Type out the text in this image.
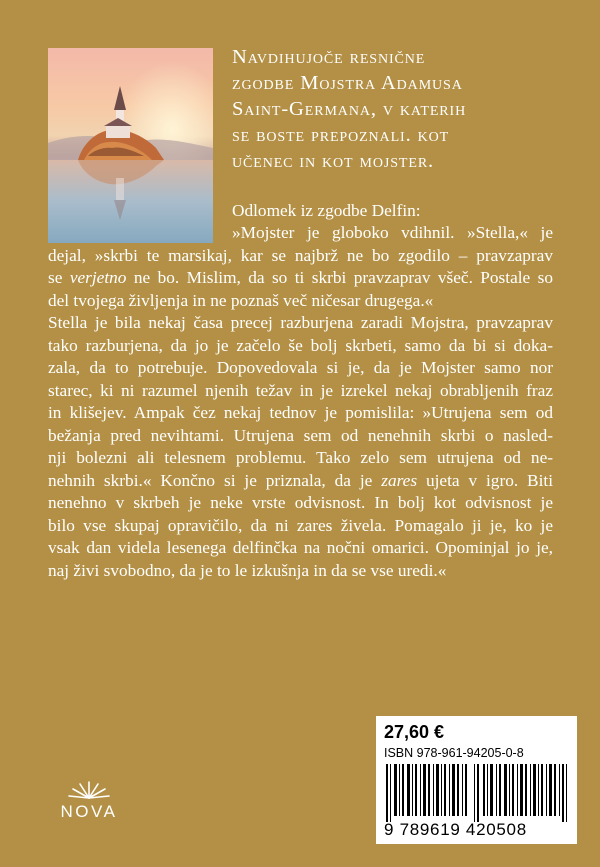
Navdihujoče resnične
zgodbe Mojstra Adamusa
Saint-Germana, v katerih
se boste prepoznali. kot
učenec in kot mojster.

Odlomek iz zgodbe Delfin:

»Mojster je globoko vdihnil. »Stella,« je
dejal, »skrbi te marsikaj, kar se najbrž ne bo zgodilo – pravzaprav
se verjetno ne bo. Mislim, da so ti skrbi pravzaprav všeč. Postale so
del tvojega življenja in ne poznaš več ničesar drugega.«
Stella je bila nekaj časa precej razburjena zaradi Mojstra, pravzaprav
tako razburjena, da jo je začelo še bolj skrbeti, samo da bi si doka-
zala, da to potrebuje. Dopovedovala si je, da je Mojster samo nor
starec, ki ni razumel njenih težav in je izrekel nekaj obrabljenih fraz
in klišejev. Ampak čez nekaj tednov je pomislila: »Utrujena sem od
bežanja pred nevihtami. Utrujena sem od nenehnih skrbi o nasled-
nji bolezni ali telesnem problemu. Tako zelo sem utrujena od ne-
nehnih skrbi.« Končno si je priznala, da je zares ujeta v igro. Biti
nenehno v skrbeh je neke vrste odvisnost. In bolj kot odvisnost je
bilo vse skupaj opravičilo, da ni zares živela. Pomagalo ji je, ko je
vsak dan videla lesenega delfinčka na nočni omarici. Opominjal jo je,
naj živi svobodno, da je to le izkušnja in da se vse uredi.«
27,60 €
ISBN 978-961-94205-0-8
9 789619 420508
NOVA
